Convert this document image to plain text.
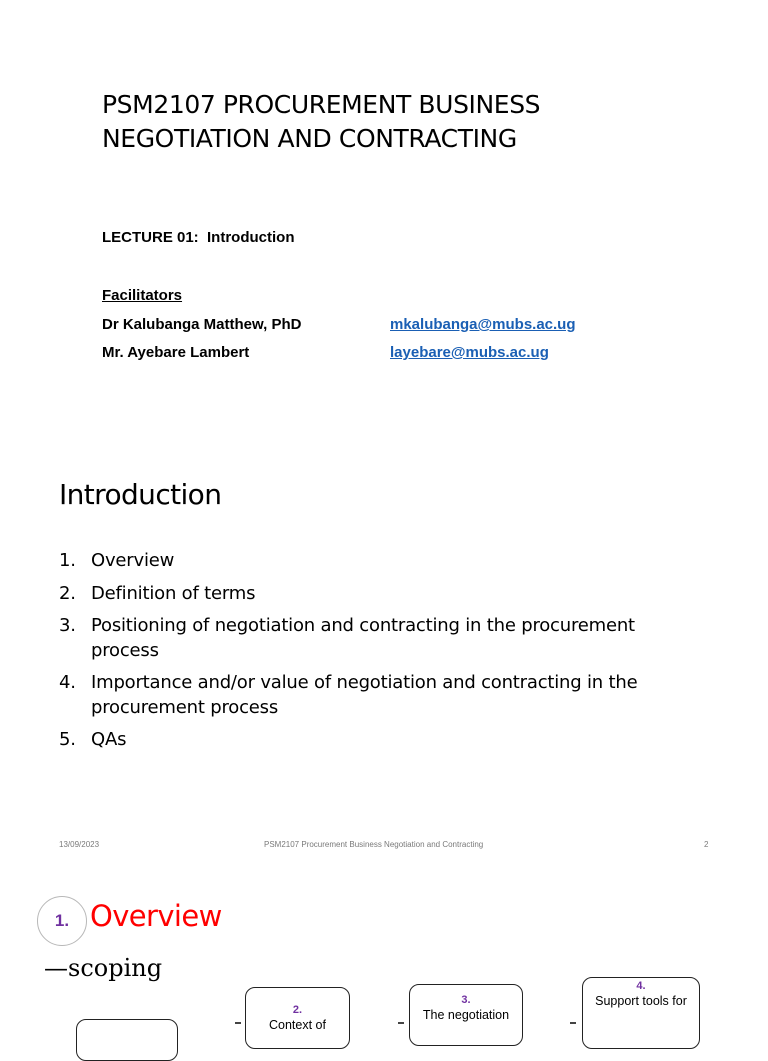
PSM2107 PROCUREMENT BUSINESS
NEGOTIATION AND CONTRACTING
LECTURE 01:  Introduction
Facilitators
Dr Kalubanga Matthew, PhD	mkalubanga@mubs.ac.ug
Mr. Ayebare Lambert	layebare@mubs.ac.ug
Introduction
1. Overview
2. Definition of terms
3. Positioning of negotiation and contracting in the procurement process
4. Importance and/or value of negotiation and contracting in the procurement process
5. QAs
13/09/2023	PSM2107 Procurement Business Negotiation and Contracting	2
1. Overview
—scoping
2.
Context of
3.
The negotiation
4.
Support tools for
